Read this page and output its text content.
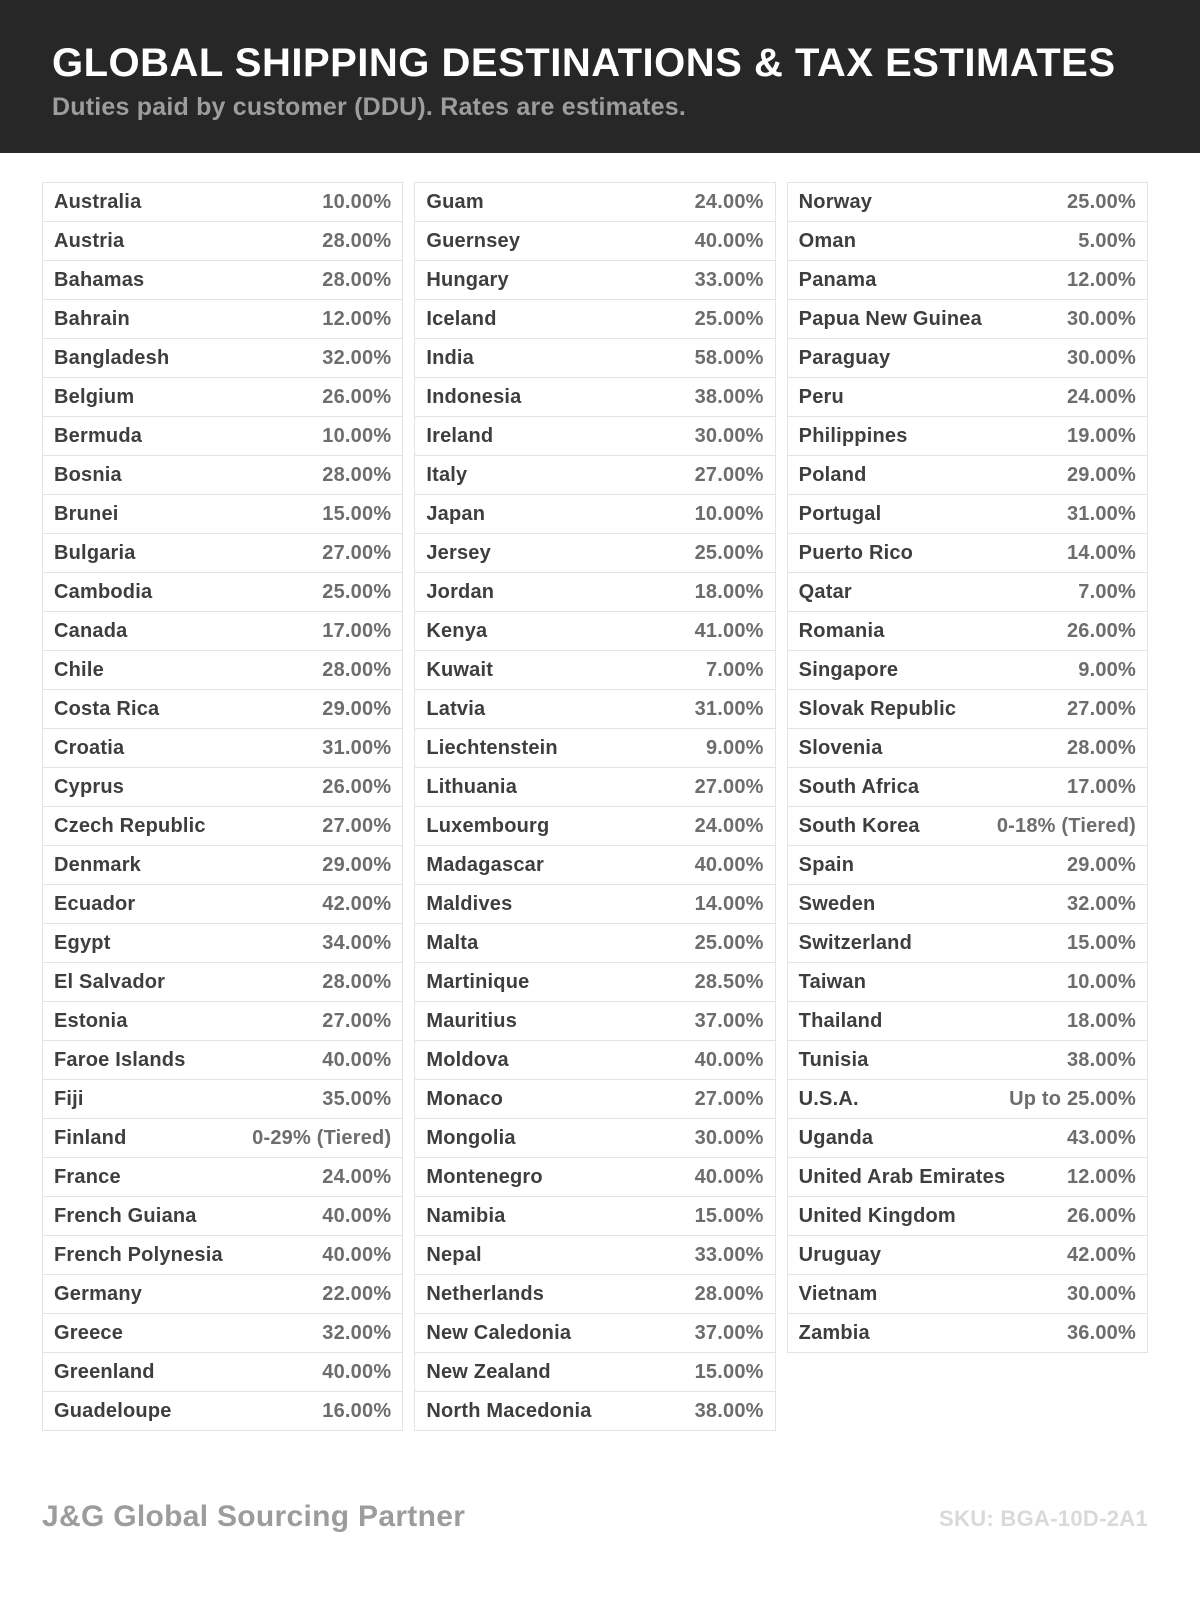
GLOBAL SHIPPING DESTINATIONS & TAX ESTIMATES
Duties paid by customer (DDU). Rates are estimates.
Australia	10.00%
Austria	28.00%
Bahamas	28.00%
Bahrain	12.00%
Bangladesh	32.00%
Belgium	26.00%
Bermuda	10.00%
Bosnia	28.00%
Brunei	15.00%
Bulgaria	27.00%
Cambodia	25.00%
Canada	17.00%
Chile	28.00%
Costa Rica	29.00%
Croatia	31.00%
Cyprus	26.00%
Czech Republic	27.00%
Denmark	29.00%
Ecuador	42.00%
Egypt	34.00%
El Salvador	28.00%
Estonia	27.00%
Faroe Islands	40.00%
Fiji	35.00%
Finland	0-29% (Tiered)
France	24.00%
French Guiana	40.00%
French Polynesia	40.00%
Germany	22.00%
Greece	32.00%
Greenland	40.00%
Guadeloupe	16.00%
Guam	24.00%
Guernsey	40.00%
Hungary	33.00%
Iceland	25.00%
India	58.00%
Indonesia	38.00%
Ireland	30.00%
Italy	27.00%
Japan	10.00%
Jersey	25.00%
Jordan	18.00%
Kenya	41.00%
Kuwait	7.00%
Latvia	31.00%
Liechtenstein	9.00%
Lithuania	27.00%
Luxembourg	24.00%
Madagascar	40.00%
Maldives	14.00%
Malta	25.00%
Martinique	28.50%
Mauritius	37.00%
Moldova	40.00%
Monaco	27.00%
Mongolia	30.00%
Montenegro	40.00%
Namibia	15.00%
Nepal	33.00%
Netherlands	28.00%
New Caledonia	37.00%
New Zealand	15.00%
North Macedonia	38.00%
Norway	25.00%
Oman	5.00%
Panama	12.00%
Papua New Guinea	30.00%
Paraguay	30.00%
Peru	24.00%
Philippines	19.00%
Poland	29.00%
Portugal	31.00%
Puerto Rico	14.00%
Qatar	7.00%
Romania	26.00%
Singapore	9.00%
Slovak Republic	27.00%
Slovenia	28.00%
South Africa	17.00%
South Korea	0-18% (Tiered)
Spain	29.00%
Sweden	32.00%
Switzerland	15.00%
Taiwan	10.00%
Thailand	18.00%
Tunisia	38.00%
U.S.A.	Up to 25.00%
Uganda	43.00%
United Arab Emirates	12.00%
United Kingdom	26.00%
Uruguay	42.00%
Vietnam	30.00%
Zambia	36.00%
J&G Global Sourcing Partner	SKU: BGA-10D-2A1
